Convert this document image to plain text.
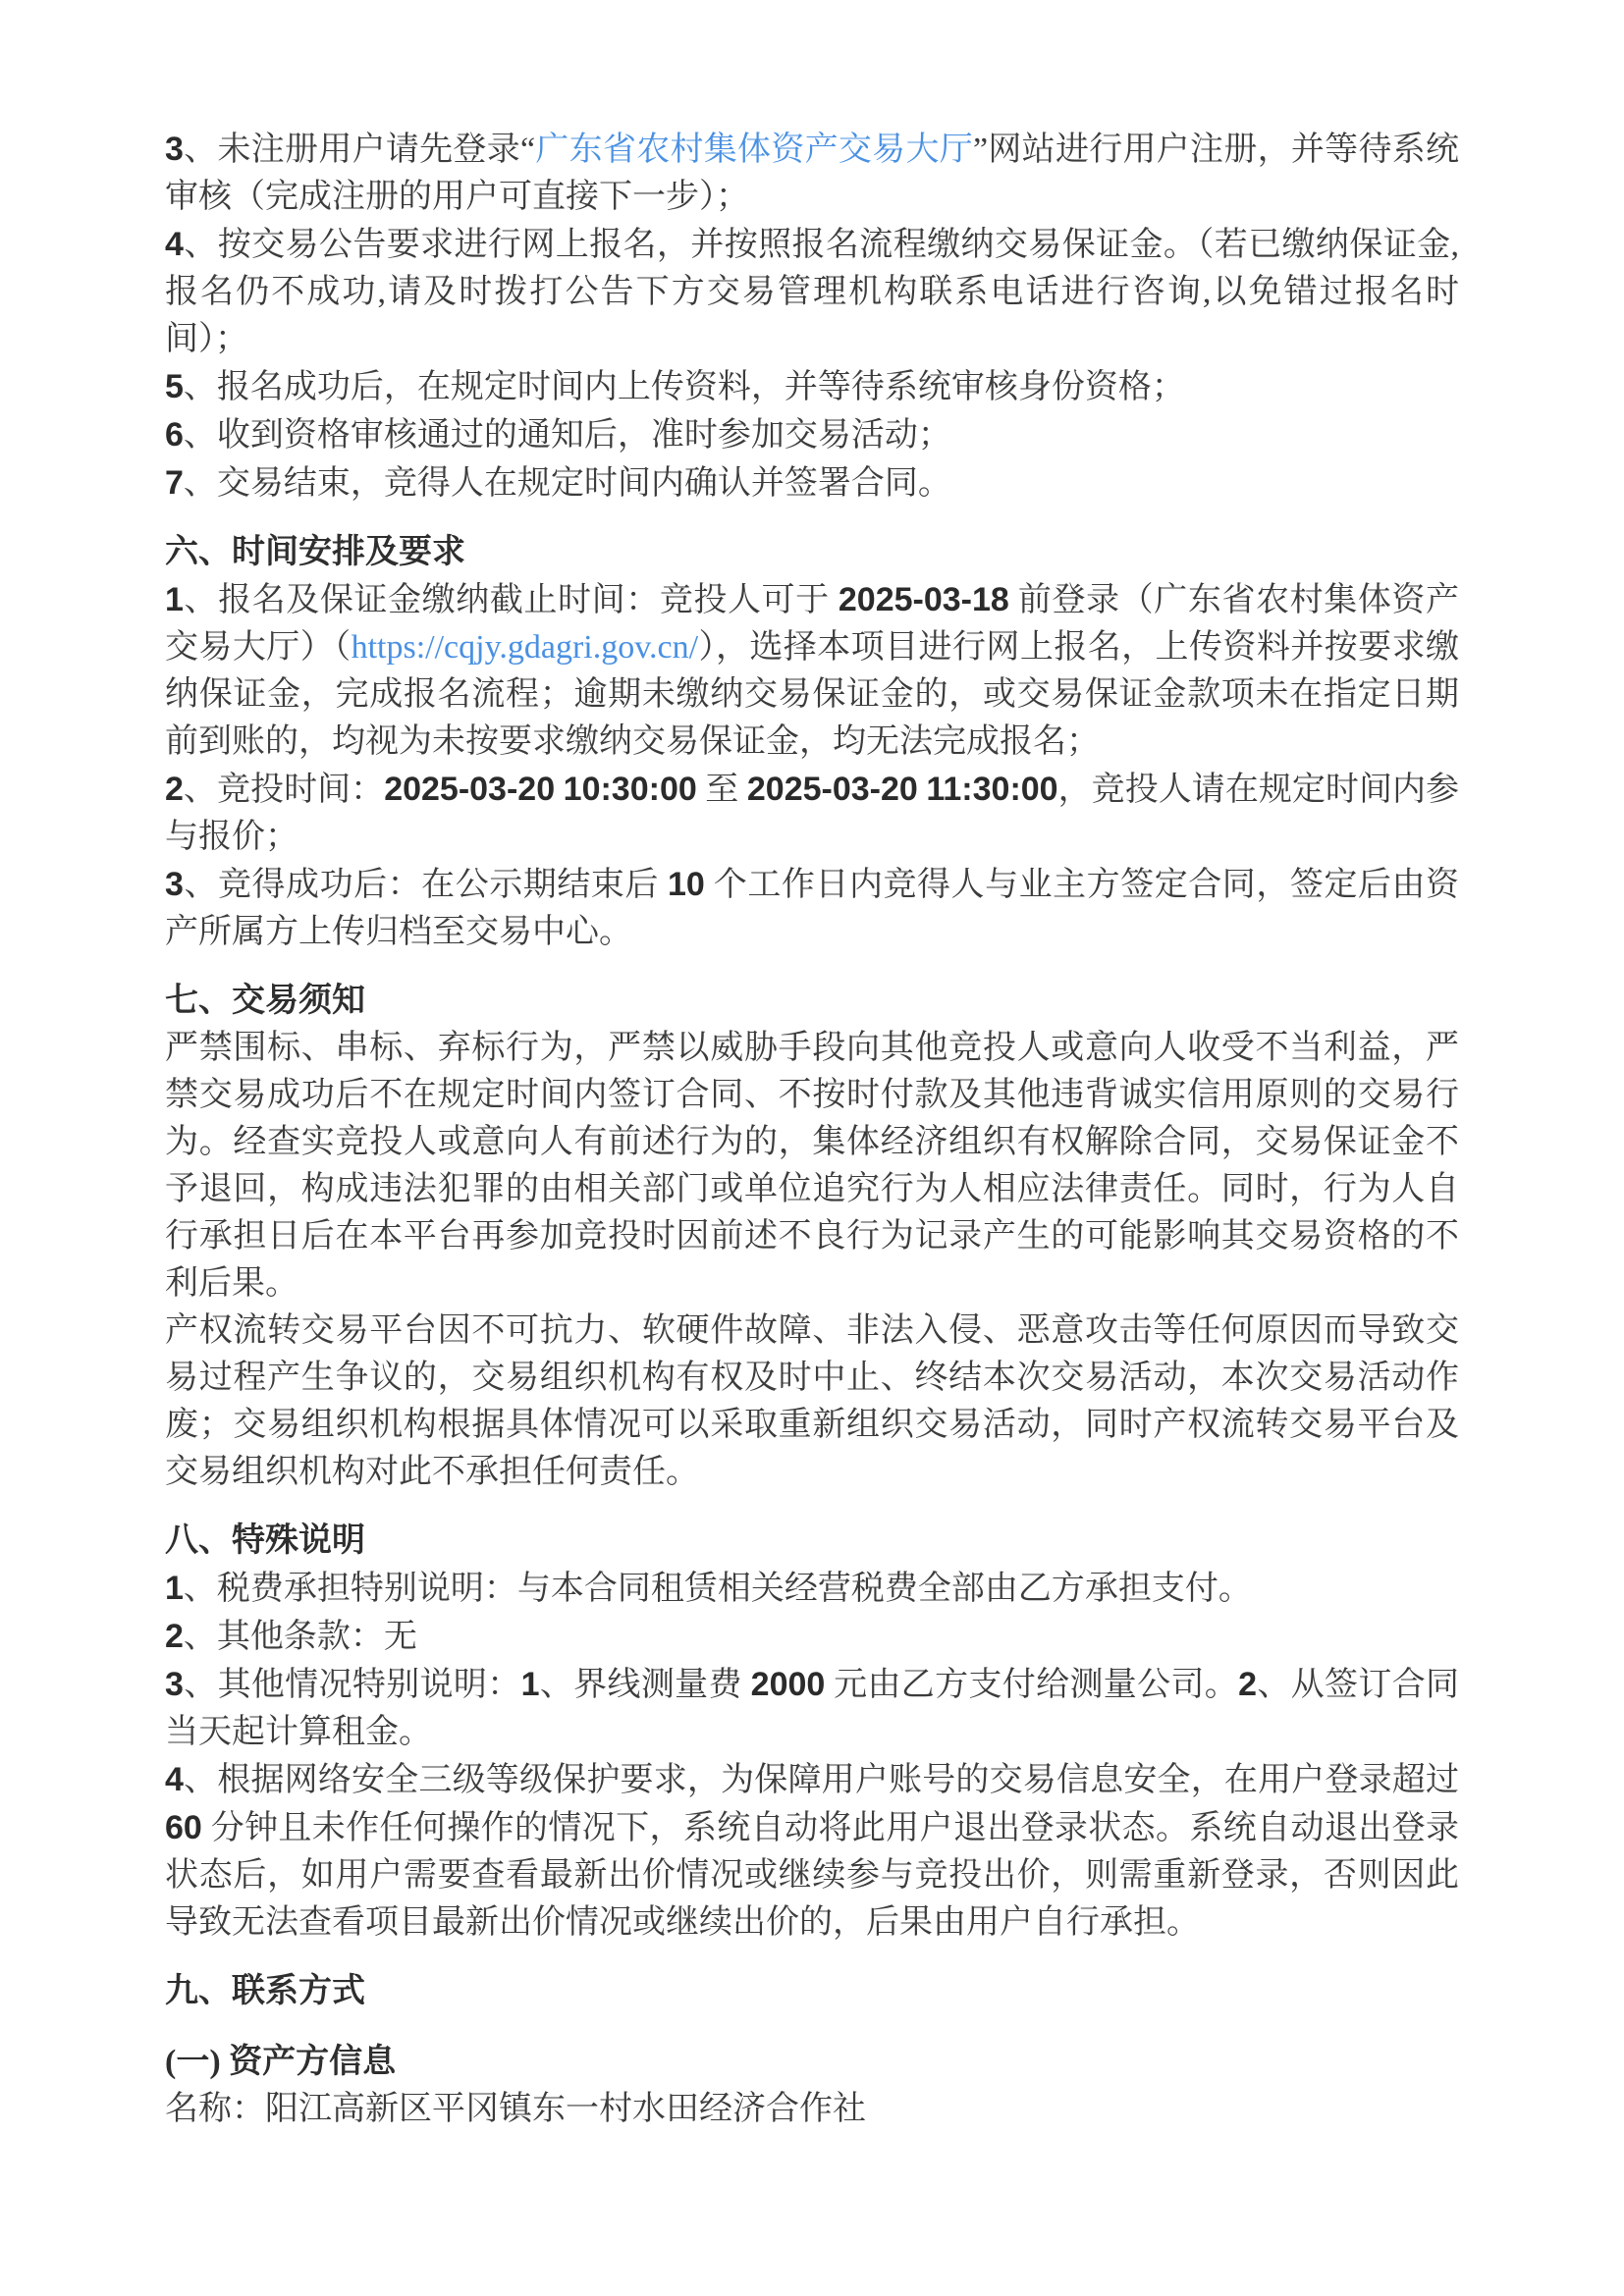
3、未注册用户请先登录“广东省农村集体资产交易大厅”网站进行用户注册，并等待系统审核（完成注册的用户可直接下一步）；

4、按交易公告要求进行网上报名，并按照报名流程缴纳交易保证金。（若已缴纳保证金,报名仍不成功,请及时拨打公告下方交易管理机构联系电话进行咨询,以免错过报名时间）；

5、报名成功后，在规定时间内上传资料，并等待系统审核身份资格；

6、收到资格审核通过的通知后，准时参加交易活动；

7、交易结束，竞得人在规定时间内确认并签署合同。

六、时间安排及要求

1、报名及保证金缴纳截止时间：竞投人可于 2025-03-18 前登录（广东省农村集体资产交易大厅）（https://cqjy.gdagri.gov.cn/），选择本项目进行网上报名，上传资料并按要求缴纳保证金，完成报名流程；逾期未缴纳交易保证金的，或交易保证金款项未在指定日期前到账的，均视为未按要求缴纳交易保证金，均无法完成报名；

2、竞投时间：2025-03-20 10:30:00 至 2025-03-20 11:30:00，竞投人请在规定时间内参与报价；

3、竞得成功后：在公示期结束后 10 个工作日内竞得人与业主方签定合同，签定后由资产所属方上传归档至交易中心。

七、交易须知

严禁围标、串标、弃标行为，严禁以威胁手段向其他竞投人或意向人收受不当利益，严禁交易成功后不在规定时间内签订合同、不按时付款及其他违背诚实信用原则的交易行为。经查实竞投人或意向人有前述行为的，集体经济组织有权解除合同，交易保证金不予退回，构成违法犯罪的由相关部门或单位追究行为人相应法律责任。同时，行为人自行承担日后在本平台再参加竞投时因前述不良行为记录产生的可能影响其交易资格的不利后果。

产权流转交易平台因不可抗力、软硬件故障、非法入侵、恶意攻击等任何原因而导致交易过程产生争议的，交易组织机构有权及时中止、终结本次交易活动，本次交易活动作废；交易组织机构根据具体情况可以采取重新组织交易活动，同时产权流转交易平台及交易组织机构对此不承担任何责任。

八、特殊说明

1、税费承担特别说明：与本合同租赁相关经营税费全部由乙方承担支付。

2、其他条款：无

3、其他情况特别说明：1、界线测量费 2000 元由乙方支付给测量公司。2、从签订合同当天起计算租金。

4、根据网络安全三级等级保护要求，为保障用户账号的交易信息安全，在用户登录超过 60 分钟且未作任何操作的情况下，系统自动将此用户退出登录状态。系统自动退出登录状态后，如用户需要查看最新出价情况或继续参与竞投出价，则需重新登录，否则因此导致无法查看项目最新出价情况或继续出价的，后果由用户自行承担。

九、联系方式
(一) 资产方信息

名称：阳江高新区平冈镇东一村水田经济合作社
